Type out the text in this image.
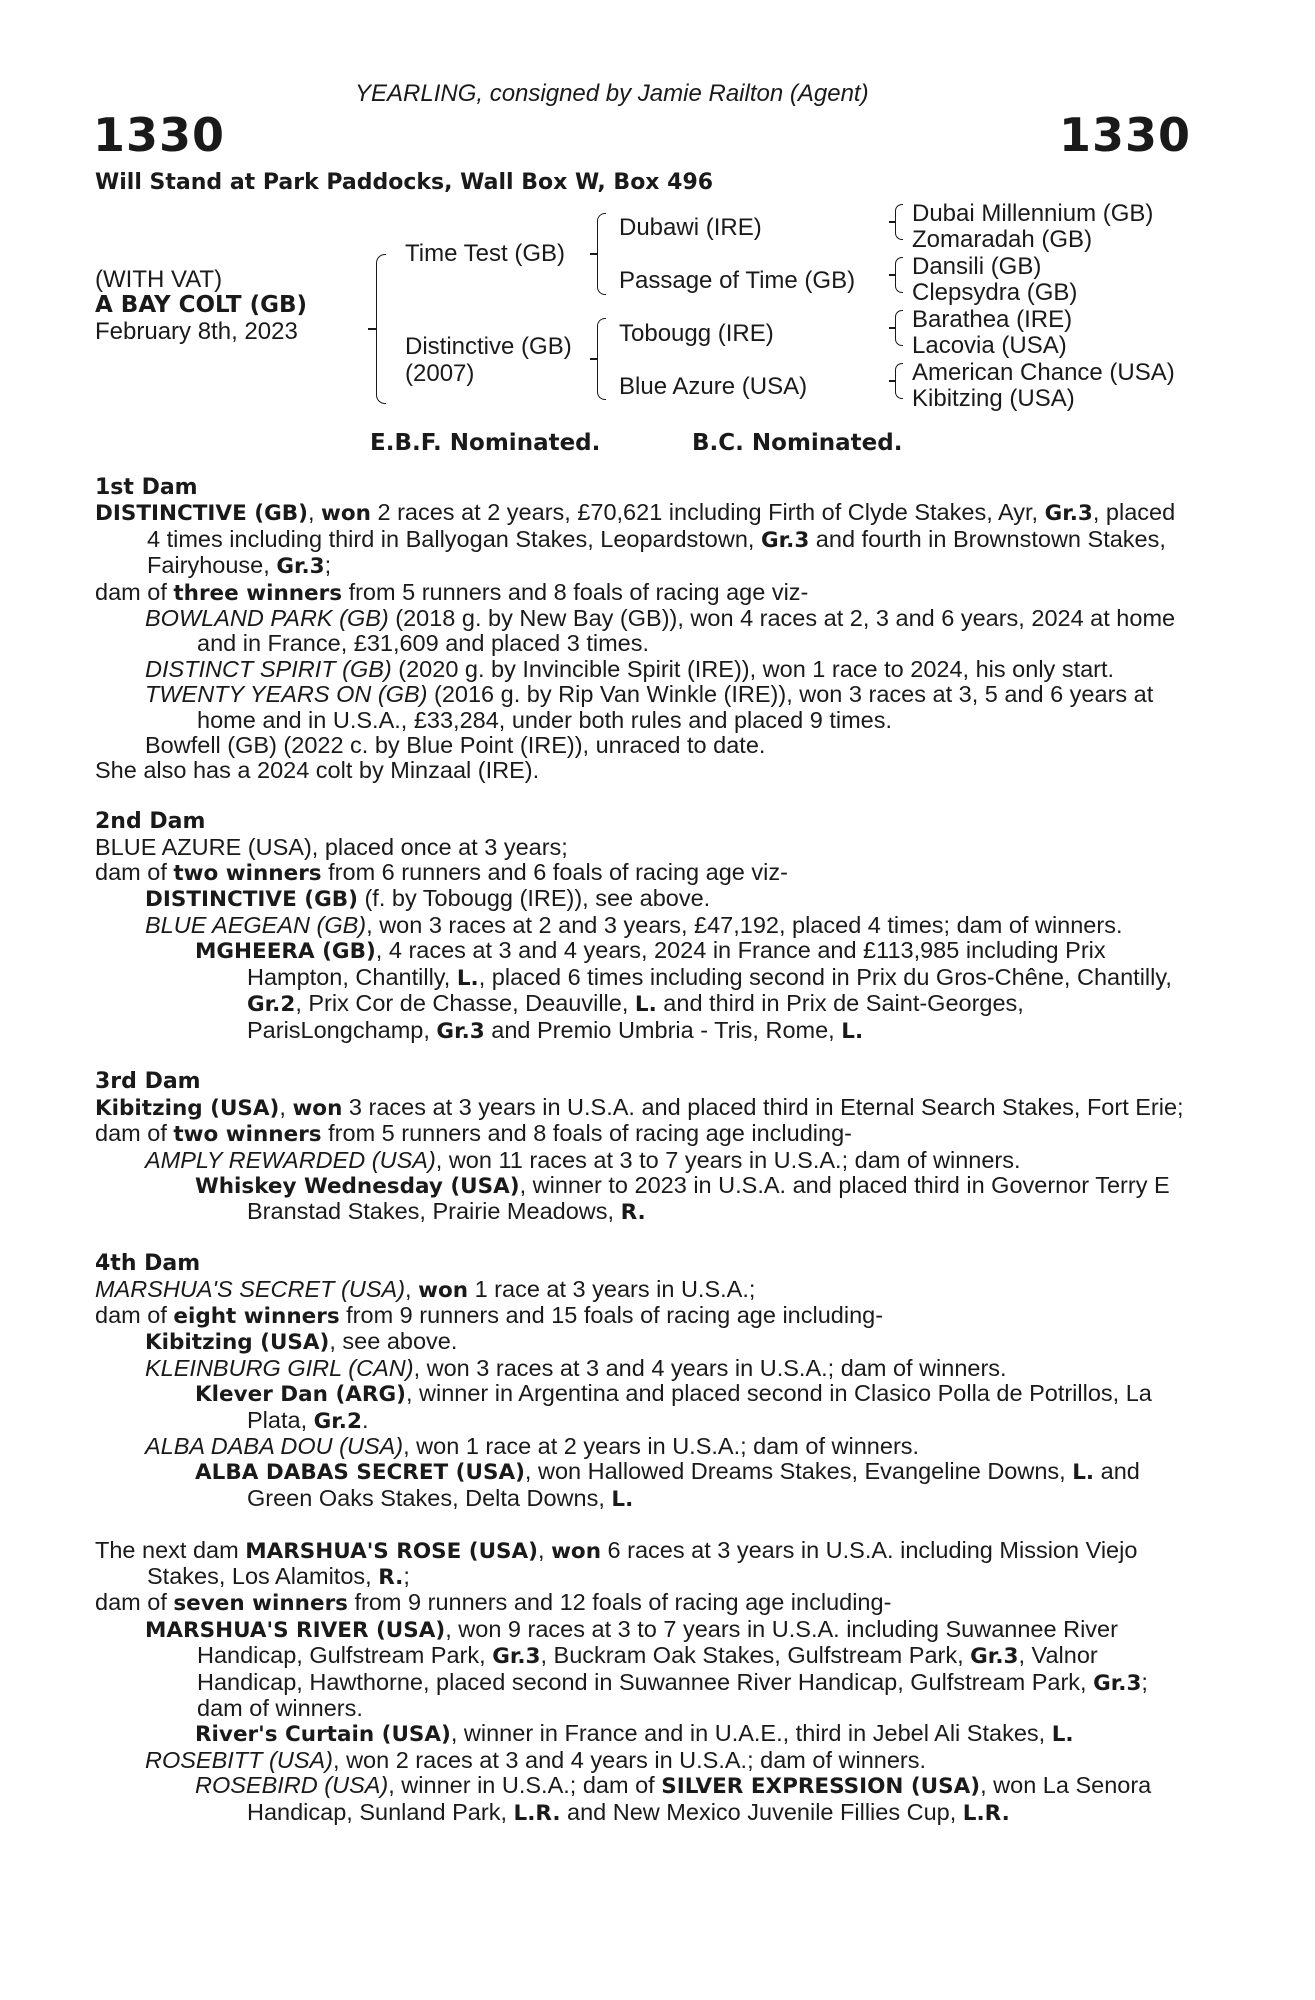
YEARLING, consigned by Jamie Railton (Agent)
1330	1330
Will Stand at Park Paddocks, Wall Box W, Box 496
(WITH VAT)
A BAY COLT (GB)
February 8th, 2023
Time Test (GB)
Distinctive (GB)
(2007)
Dubawi (IRE)
Passage of Time (GB)
Tobougg (IRE)
Blue Azure (USA)
Dubai Millennium (GB)
Zomaradah (GB)
Dansili (GB)
Clepsydra (GB)
Barathea (IRE)
Lacovia (USA)
American Chance (USA)
Kibitzing (USA)
E.B.F. Nominated.	B.C. Nominated.
1st Dam
DISTINCTIVE (GB), won 2 races at 2 years, £70,621 including Firth of Clyde Stakes, Ayr, Gr.3, placed 4 times including third in Ballyogan Stakes, Leopardstown, Gr.3 and fourth in Brownstown Stakes, Fairyhouse, Gr.3;
dam of three winners from 5 runners and 8 foals of racing age viz-
BOWLAND PARK (GB) (2018 g. by New Bay (GB)), won 4 races at 2, 3 and 6 years, 2024 at home and in France, £31,609 and placed 3 times.
DISTINCT SPIRIT (GB) (2020 g. by Invincible Spirit (IRE)), won 1 race to 2024, his only start.
TWENTY YEARS ON (GB) (2016 g. by Rip Van Winkle (IRE)), won 3 races at 3, 5 and 6 years at home and in U.S.A., £33,284, under both rules and placed 9 times.
Bowfell (GB) (2022 c. by Blue Point (IRE)), unraced to date.
She also has a 2024 colt by Minzaal (IRE).
2nd Dam
BLUE AZURE (USA), placed once at 3 years;
dam of two winners from 6 runners and 6 foals of racing age viz-
DISTINCTIVE (GB) (f. by Tobougg (IRE)), see above.
BLUE AEGEAN (GB), won 3 races at 2 and 3 years, £47,192, placed 4 times; dam of winners.
MGHEERA (GB), 4 races at 3 and 4 years, 2024 in France and £113,985 including Prix Hampton, Chantilly, L., placed 6 times including second in Prix du Gros-Chêne, Chantilly, Gr.2, Prix Cor de Chasse, Deauville, L. and third in Prix de Saint-Georges, ParisLongchamp, Gr.3 and Premio Umbria - Tris, Rome, L.
3rd Dam
Kibitzing (USA), won 3 races at 3 years in U.S.A. and placed third in Eternal Search Stakes, Fort Erie;
dam of two winners from 5 runners and 8 foals of racing age including-
AMPLY REWARDED (USA), won 11 races at 3 to 7 years in U.S.A.; dam of winners.
Whiskey Wednesday (USA), winner to 2023 in U.S.A. and placed third in Governor Terry E Branstad Stakes, Prairie Meadows, R.
4th Dam
MARSHUA'S SECRET (USA), won 1 race at 3 years in U.S.A.;
dam of eight winners from 9 runners and 15 foals of racing age including-
Kibitzing (USA), see above.
KLEINBURG GIRL (CAN), won 3 races at 3 and 4 years in U.S.A.; dam of winners.
Klever Dan (ARG), winner in Argentina and placed second in Clasico Polla de Potrillos, La Plata, Gr.2.
ALBA DABA DOU (USA), won 1 race at 2 years in U.S.A.; dam of winners.
ALBA DABAS SECRET (USA), won Hallowed Dreams Stakes, Evangeline Downs, L. and Green Oaks Stakes, Delta Downs, L.
The next dam MARSHUA'S ROSE (USA), won 6 races at 3 years in U.S.A. including Mission Viejo Stakes, Los Alamitos, R.;
dam of seven winners from 9 runners and 12 foals of racing age including-
MARSHUA'S RIVER (USA), won 9 races at 3 to 7 years in U.S.A. including Suwannee River Handicap, Gulfstream Park, Gr.3, Buckram Oak Stakes, Gulfstream Park, Gr.3, Valnor Handicap, Hawthorne, placed second in Suwannee River Handicap, Gulfstream Park, Gr.3; dam of winners.
River's Curtain (USA), winner in France and in U.A.E., third in Jebel Ali Stakes, L.
ROSEBITT (USA), won 2 races at 3 and 4 years in U.S.A.; dam of winners.
ROSEBIRD (USA), winner in U.S.A.; dam of SILVER EXPRESSION (USA), won La Senora Handicap, Sunland Park, L.R. and New Mexico Juvenile Fillies Cup, L.R.
